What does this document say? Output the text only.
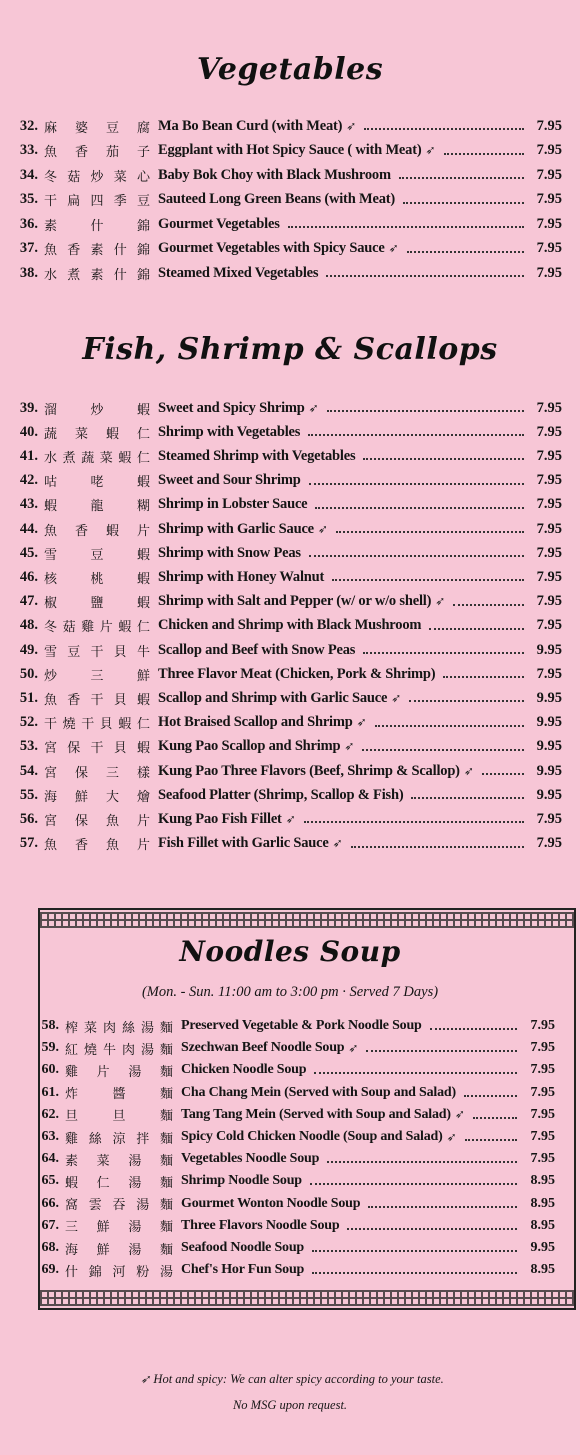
Vegetables
32. 麻 婆 豆 腐 Ma Bo Bean Curd (with Meat) ➶	7.95
33. 魚 香 茄 子 Eggplant with Hot Spicy Sauce ( with Meat) ➶	7.95
34. 冬 菇 炒 菜 心 Baby Bok Choy with Black Mushroom	7.95
35. 干 扁 四 季 豆 Sauteed Long Green Beans (with Meat)	7.95
36. 素	什	錦 Gourmet Vegetables	7.95
37. 魚 香 素 什 錦 Gourmet Vegetables with Spicy Sauce ➶	7.95
38. 水 煮 素 什 錦 Steamed Mixed Vegetables	7.95
Fish, Shrimp & Scallops
39. 溜	炒	蝦 Sweet and Spicy Shrimp ➶	7.95
40. 蔬 菜 蝦 仁 Shrimp with Vegetables	7.95
41. 水 煮 蔬 菜 蝦 仁 Steamed Shrimp with Vegetables	7.95
42. 咕	咾	蝦 Sweet and Sour Shrimp	7.95
43. 蝦	龍	糊 Shrimp in Lobster Sauce	7.95
44. 魚 香 蝦 片 Shrimp with Garlic Sauce ➶	7.95
45. 雪	豆	蝦 Shrimp with Snow Peas	7.95
46. 核	桃	蝦 Shrimp with Honey Walnut	7.95
47. 椒	鹽	蝦 Shrimp with Salt and Pepper (w/ or w/o shell) ➶	7.95
48. 冬 菇 雞 片 蝦 仁 Chicken and Shrimp with Black Mushroom	7.95
49. 雪 豆 干 貝 牛 Scallop and Beef with Snow Peas	9.95
50. 炒	三	鮮 Three Flavor Meat (Chicken, Pork & Shrimp)	7.95
51. 魚 香 干 貝 蝦 Scallop and Shrimp with Garlic Sauce ➶	9.95
52. 干 燒 干 貝 蝦 仁 Hot Braised Scallop and Shrimp ➶	9.95
53. 宮 保 干 貝 蝦 Kung Pao Scallop and Shrimp ➶	9.95
54. 宮 保 三 樣 Kung Pao Three Flavors (Beef, Shrimp & Scallop) ➶	9.95
55. 海 鮮 大 燴 Seafood Platter (Shrimp, Scallop & Fish)	9.95
56. 宮 保 魚 片 Kung Pao Fish Fillet ➶	7.95
57. 魚 香 魚 片 Fish Fillet with Garlic Sauce ➶	7.95
Noodles Soup
(Mon. - Sun. 11:00 am to 3:00 pm · Served 7 Days)
58. 榨 菜 肉 絲 湯 麵 Preserved Vegetable & Pork Noodle Soup	7.95
59. 紅 燒 牛 肉 湯 麵 Szechwan Beef Noodle Soup ➶	7.95
60. 雞 片 湯 麵 Chicken Noodle Soup	7.95
61. 炸	醬	麵 Cha Chang Mein (Served with Soup and Salad)	7.95
62. 旦	旦	麵 Tang Tang Mein (Served with Soup and Salad) ➶	7.95
63. 雞 絲 涼 拌 麵 Spicy Cold Chicken Noodle (Soup and Salad) ➶	7.95
64. 素 菜 湯 麵 Vegetables Noodle Soup	7.95
65. 蝦 仁 湯 麵 Shrimp Noodle Soup	8.95
66. 窩 雲 吞 湯 麵 Gourmet Wonton Noodle Soup	8.95
67. 三 鮮 湯 麵 Three Flavors Noodle Soup	8.95
68. 海 鮮 湯 麵 Seafood Noodle Soup	9.95
69. 什 錦 河 粉 湯 Chef's Hor Fun Soup	8.95
➶ Hot and spicy: We can alter spicy according to your taste.
No MSG upon request.
